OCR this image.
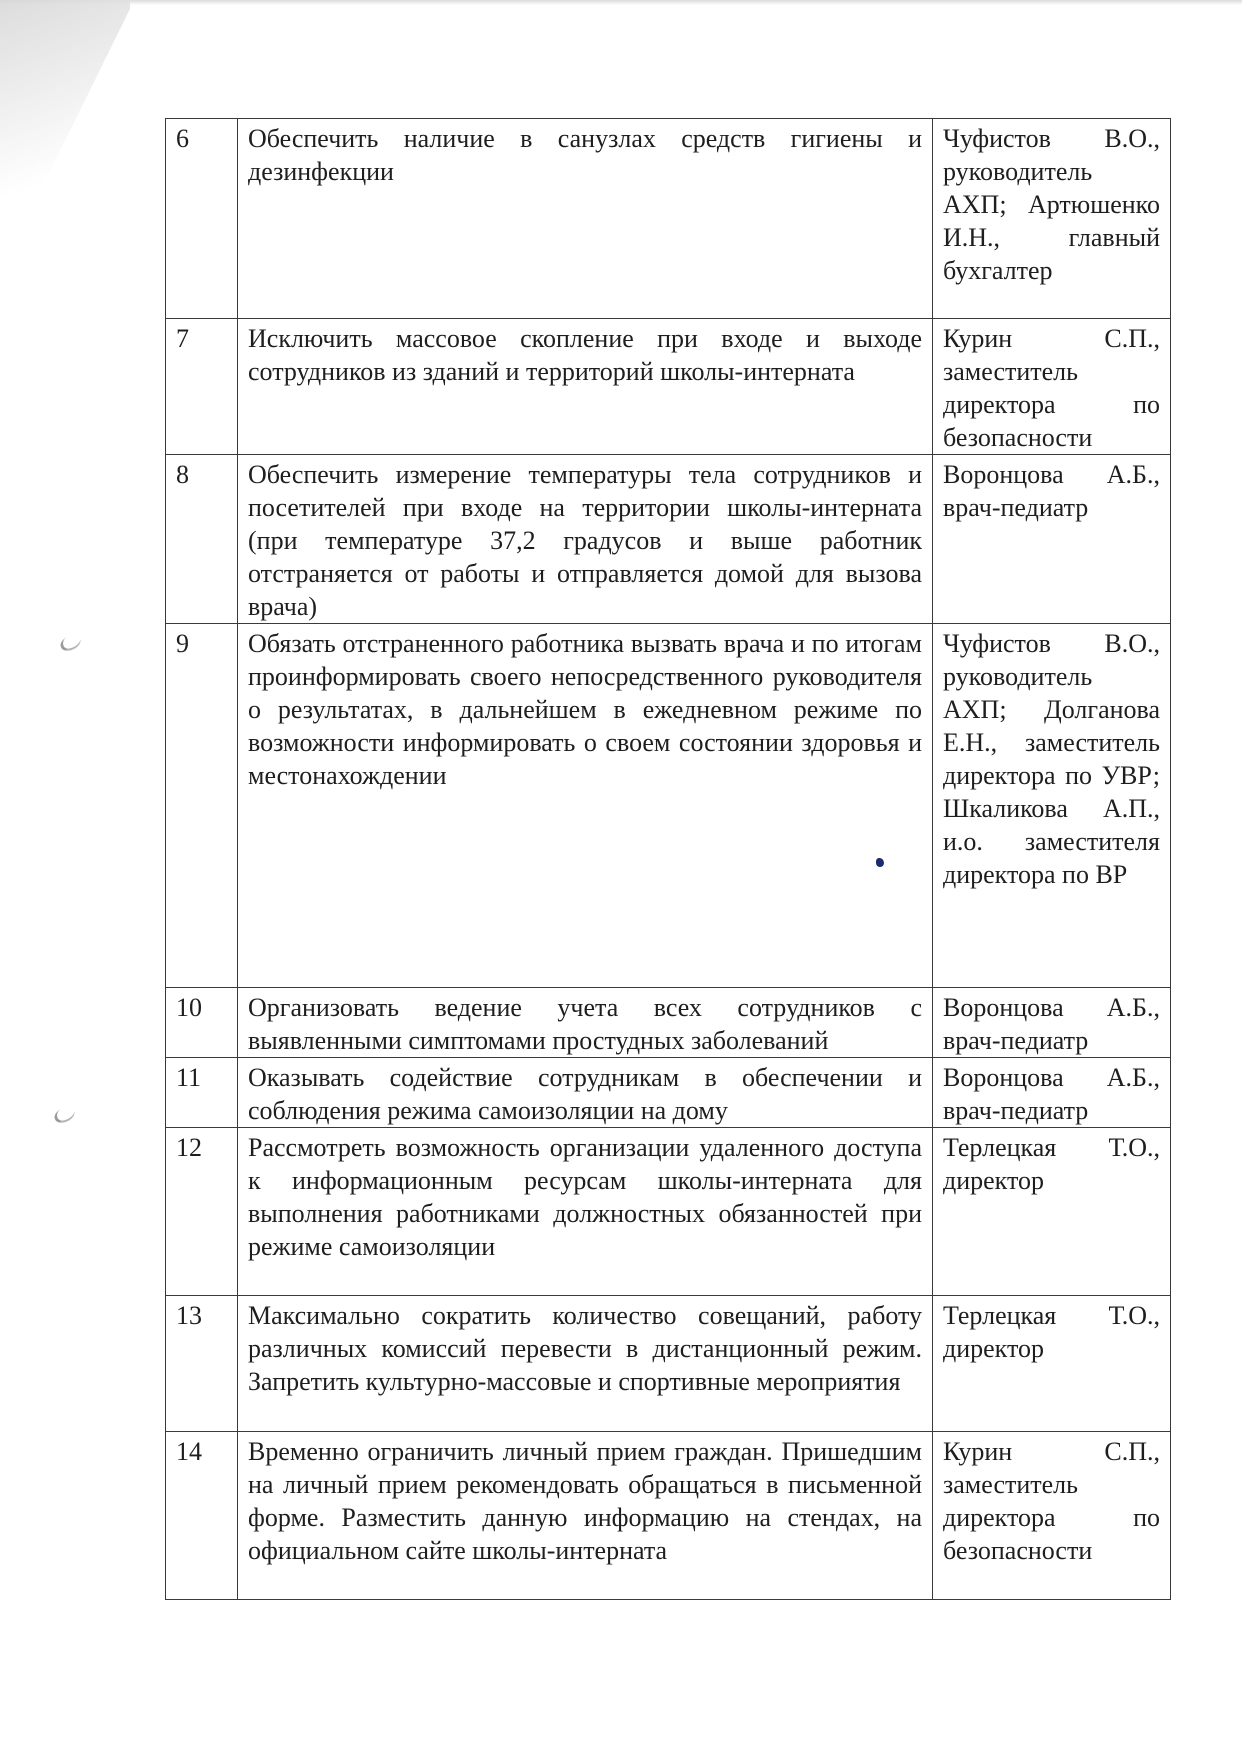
6	Обеспечить наличие в санузлах средств гигиены и дезинфекции	Чуфистов В.О., руководитель АХП; Артюшенко И.Н., главный бухгалтер
7	Исключить массовое скопление при входе и выходе сотрудников из зданий и территорий школы-интерната	Курин С.П., заместитель директора по безопасности
8	Обеспечить измерение температуры тела сотрудников и посетителей при входе на территории школы-интерната (при температуре 37,2 градусов и выше работник отстраняется от работы и отправляется домой для вызова врача)	Воронцова А.Б., врач-педиатр
9	Обязать отстраненного работника вызвать врача и по итогам проинформировать своего непосредственного руководителя о результатах, в дальнейшем в ежедневном режиме по возможности информировать о своем состоянии здоровья и местонахождении	Чуфистов В.О., руководитель АХП; Долганова Е.Н., заместитель директора по УВР; Шкаликова А.П., и.о. заместителя директора по ВР
10	Организовать ведение учета всех сотрудников с выявленными симптомами простудных заболеваний	Воронцова А.Б., врач-педиатр
11	Оказывать содействие сотрудникам в обеспечении и соблюдения режима самоизоляции на дому	Воронцова А.Б., врач-педиатр
12	Рассмотреть возможность организации удаленного доступа к информационным ресурсам школы-интерната для выполнения работниками должностных обязанностей при режиме самоизоляции	Терлецкая Т.О., директор
13	Максимально сократить количество совещаний, работу различных комиссий перевести в дистанционный режим. Запретить культурно-массовые и спортивные мероприятия	Терлецкая Т.О., директор
14	Временно ограничить личный прием граждан. Пришедшим на личный прием рекомендовать обращаться в письменной форме. Разместить данную информацию на стендах, на официальном сайте школы-интерната	Курин С.П., заместитель директора по безопасности
